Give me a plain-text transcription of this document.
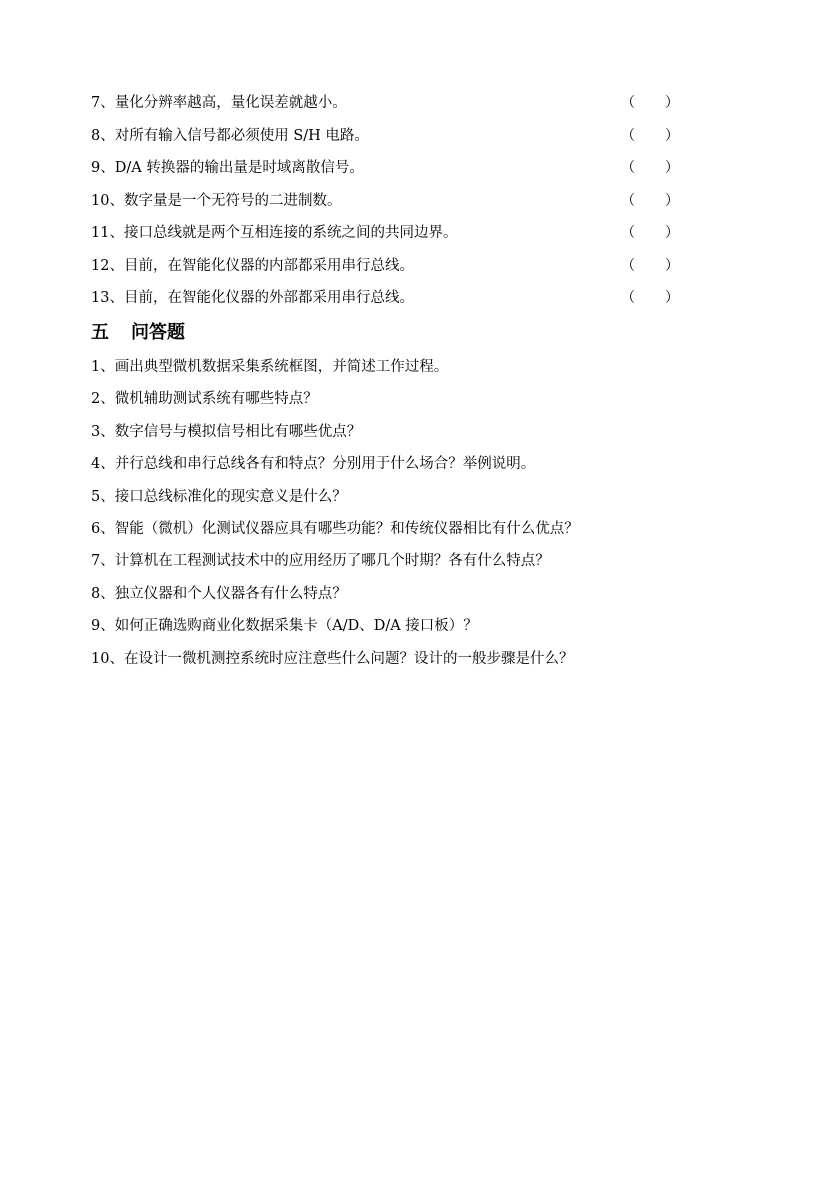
7、量化分辨率越高，量化误差就越小。	（ ）
8、对所有输入信号都必须使用 S/H 电路。	（ ）
9、D/A 转换器的输出量是时域离散信号。	（ ）
10、数字量是一个无符号的二进制数。	（ ）
11、接口总线就是两个互相连接的系统之间的共同边界。	（ ）
12、目前，在智能化仪器的内部都采用串行总线。	（ ）
13、目前，在智能化仪器的外部都采用串行总线。	（ ）
五 问答题
1、画出典型微机数据采集系统框图，并简述工作过程。
2、微机辅助测试系统有哪些特点？
3、数字信号与模拟信号相比有哪些优点？
4、并行总线和串行总线各有和特点？分别用于什么场合？举例说明。
5、接口总线标准化的现实意义是什么？
6、智能（微机）化测试仪器应具有哪些功能？和传统仪器相比有什么优点？
7、计算机在工程测试技术中的应用经历了哪几个时期？各有什么特点？
8、独立仪器和个人仪器各有什么特点？
9、如何正确选购商业化数据采集卡（A/D、D/A 接口板）？
10、在设计一微机测控系统时应注意些什么问题？设计的一般步骤是什么？
